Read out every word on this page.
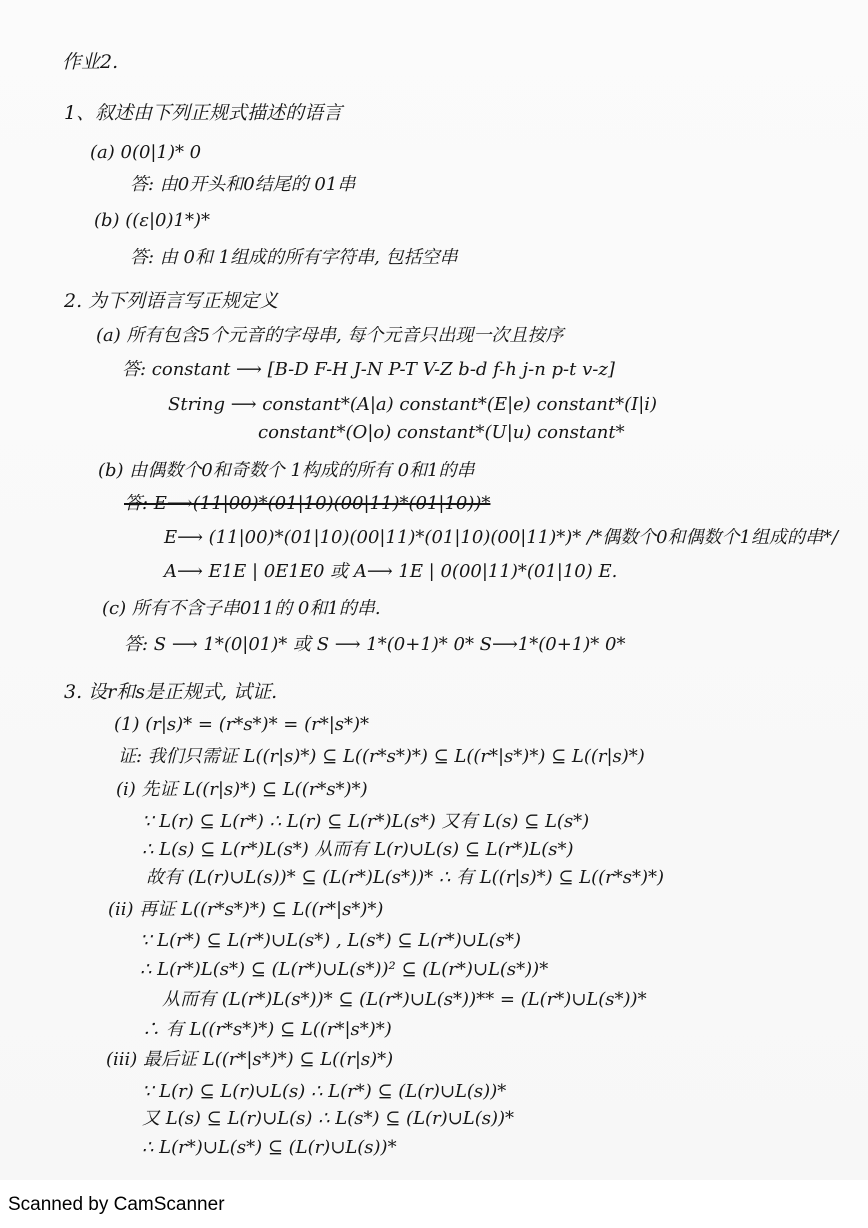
作业2.
1、叙述由下列正规式描述的语言
(a) 0(0|1)* 0
答: 由0开头和0结尾的 01串
(b) ((ε|0)1*)*
答: 由 0和 1组成的所有字符串, 包括空串
2. 为下列语言写正规定义
(a) 所有包含5个元音的字母串, 每个元音只出现一次且按序
答: constant ⟶ [B-D F-H J-N P-T V-Z b-d f-h j-n p-t v-z]
String ⟶ constant*(A|a) constant*(E|e) constant*(I|i)
constant*(O|o) constant*(U|u) constant*
(b) 由偶数个0和奇数个 1构成的所有 0和1的串
答: E⟶(11|00)*(01|10)(00|11)*(01|10))*
E⟶ (11|00)*(01|10)(00|11)*(01|10)(00|11)*)* /*偶数个0和偶数个1组成的串*/
A⟶ E1E | 0E1E0 或 A⟶ 1E | 0(00|11)*(01|10) E.
(c) 所有不含子串011的 0和1的串.
答: S ⟶ 1*(0|01)* 或 S ⟶ 1*(0+1)* 0* S⟶1*(0+1)* 0*
3. 设r和s是正规式, 试证.
(1) (r|s)* = (r*s*)* = (r*|s*)*
证: 我们只需证 L((r|s)*) ⊆ L((r*s*)*) ⊆ L((r*|s*)*) ⊆ L((r|s)*)
(i) 先证 L((r|s)*) ⊆ L((r*s*)*)
∵ L(r) ⊆ L(r*) ∴ L(r) ⊆ L(r*)L(s*) 又有 L(s) ⊆ L(s*)
∴ L(s) ⊆ L(r*)L(s*) 从而有 L(r)∪L(s) ⊆ L(r*)L(s*)
故有 (L(r)∪L(s))* ⊆ (L(r*)L(s*))* ∴ 有 L((r|s)*) ⊆ L((r*s*)*)
(ii) 再证 L((r*s*)*) ⊆ L((r*|s*)*)
∵ L(r*) ⊆ L(r*)∪L(s*) , L(s*) ⊆ L(r*)∪L(s*)
∴ L(r*)L(s*) ⊆ (L(r*)∪L(s*))² ⊆ (L(r*)∪L(s*))*
从而有 (L(r*)L(s*))* ⊆ (L(r*)∪L(s*))** = (L(r*)∪L(s*))*
∴ 有 L((r*s*)*) ⊆ L((r*|s*)*)
(iii) 最后证 L((r*|s*)*) ⊆ L((r|s)*)
∵ L(r) ⊆ L(r)∪L(s) ∴ L(r*) ⊆ (L(r)∪L(s))*
又 L(s) ⊆ L(r)∪L(s) ∴ L(s*) ⊆ (L(r)∪L(s))*
∴ L(r*)∪L(s*) ⊆ (L(r)∪L(s))*
Scanned by CamScanner
